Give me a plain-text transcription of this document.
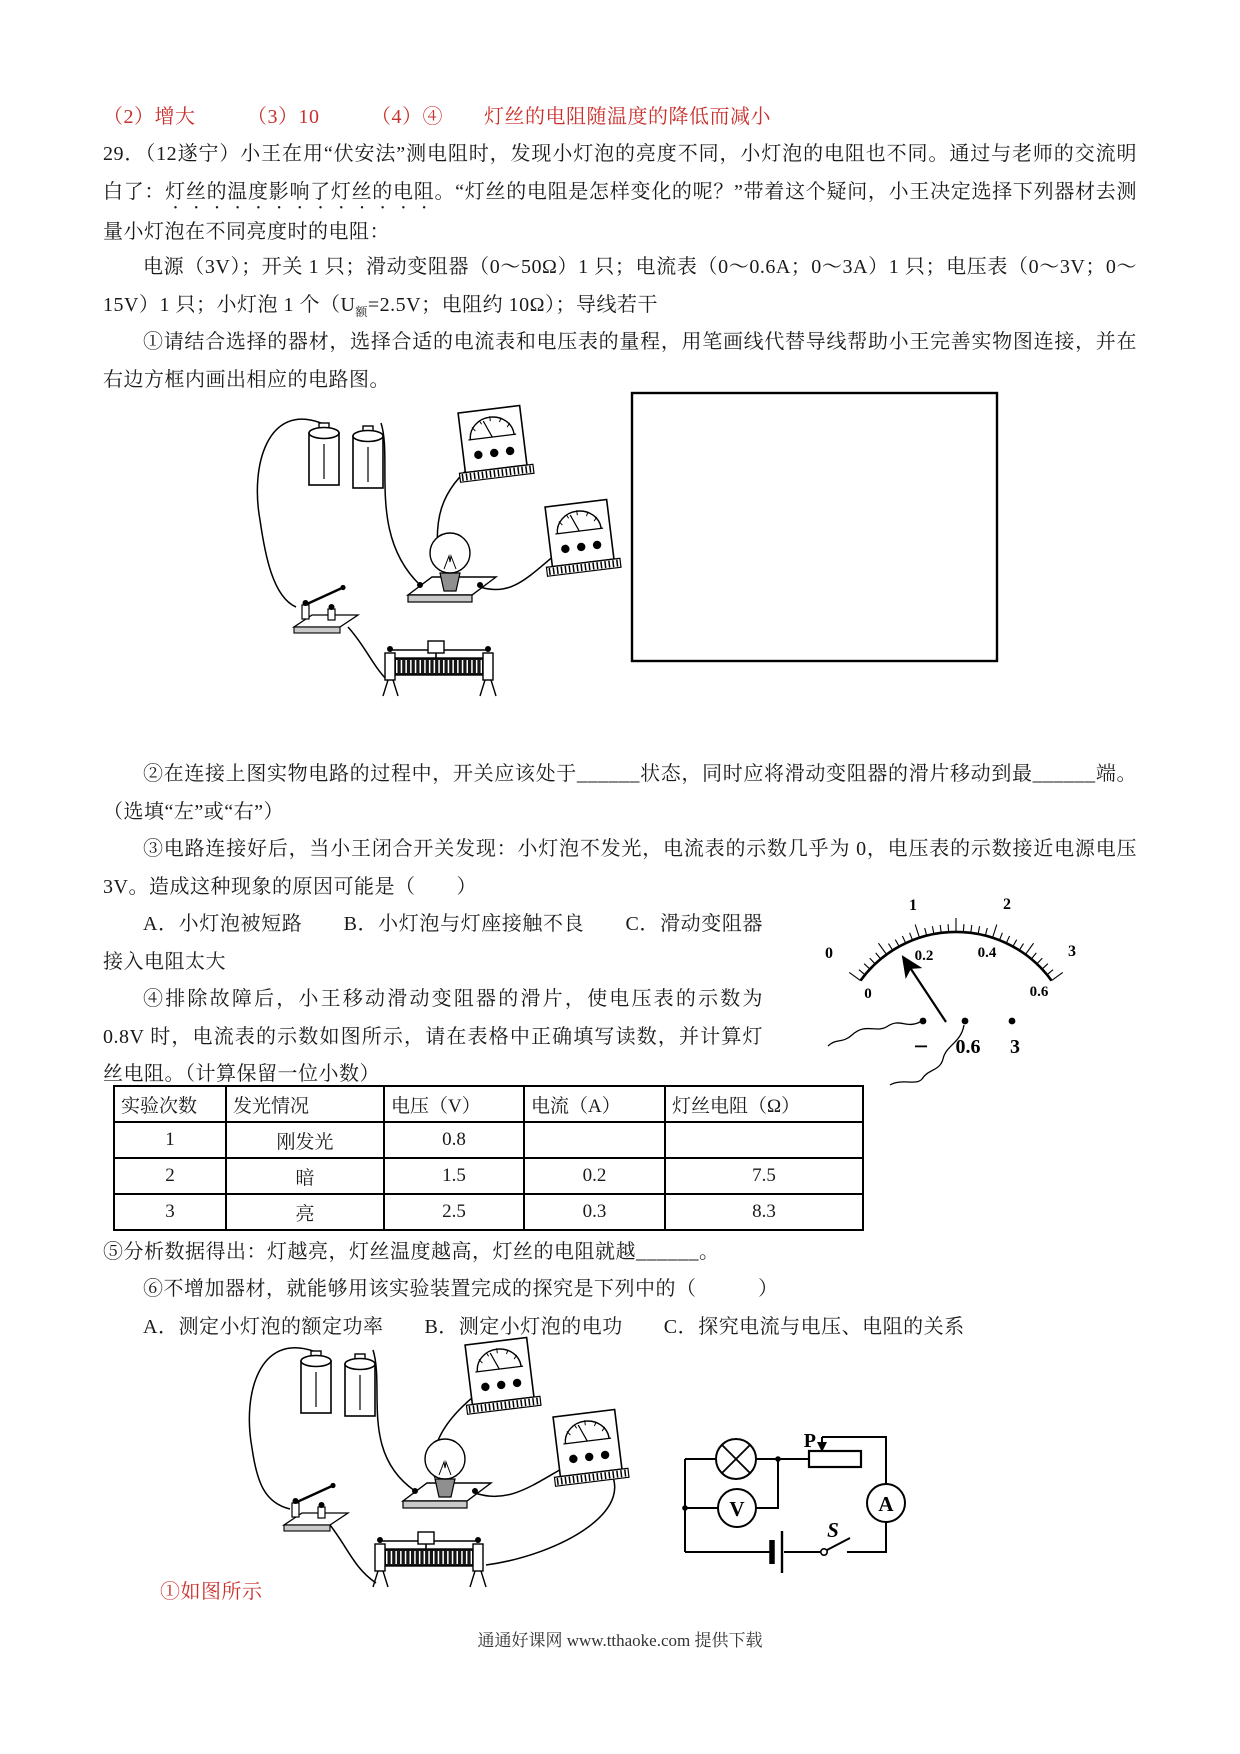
（2）增大　　　（3）10　　　（4）④　　灯丝的电阻随温度的降低而减小

29．（12遂宁）小王在用“伏安法”测电阻时，发现小灯泡的亮度不同，小灯泡的电阻也不同。通过与老师的交流明白了：灯丝的温度影响了灯丝的电阻。“灯丝的电阻是怎样变化的呢？”带着这个疑问，小王决定选择下列器材去测量小灯泡在不同亮度时的电阻：

电源（3V）；开关 1 只；滑动变阻器（0～50Ω）1 只；电流表（0～0.6A；0～3A）1 只；电压表（0～3V；0～15V）1 只；小灯泡 1 个（$U_额=2.5V$；电阻约 10Ω）；导线若干

①请结合选择的器材，选择合适的电流表和电压表的量程，用笔画线代替导线帮助小王完善实物图连接，并在右边方框内画出相应的电路图。

②在连接上图实物电路的过程中，开关应该处于______状态，同时应将滑动变阻器的滑片移动到最______端。（选填“左”或“右”）

③电路连接好后，当小王闭合开关发现：小灯泡不发光，电流表的示数几乎为 0，电压表的示数接近电源电压 3V。造成这种现象的原因可能是（　　）

A．小灯泡被短路　　B．小灯泡与灯座接触不良　　C．滑动变阻器接入电阻太大

④排除故障后，小王移动滑动变阻器的滑片，使电压表的示数为 0.8V 时，电流表的示数如图所示，请在表格中正确填写读数，并计算灯丝电阻。（计算保留一位小数）

0
1	2
3
0
0.2	0.4
0.6
− 0.6 3
实验次数	发光情况	电压（V）	电流（A）	灯丝电阻（Ω）
1	刚发光	0.8		
2	暗	1.5	0.2	7.5
3	亮	2.5	0.3	8.3

⑤分析数据得出：灯越亮，灯丝温度越高，灯丝的电阻就越______。

⑥不增加器材，就能够用该实验装置完成的探究是下列中的（　　　）

A．测定小灯泡的额定功率　　B．测定小灯泡的电功　　C．探究电流与电压、电阻的关系

V
P
A
S

①如图所示

通通好课网 www.tthaoke.com 提供下载
